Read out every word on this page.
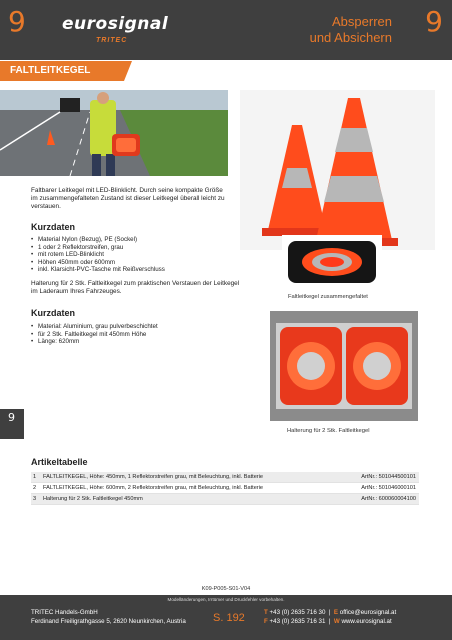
9 eurosignal
TRITEC
Absperren
und Absichern 9
FALTLEITKEGEL
Faltbarer Leitkegel mit LED-Blinklicht. Durch seine kompakte Größe im zusammengefalteten Zustand ist dieser Leitkegel überall leicht zu verstauen.
Kurzdaten
• Material Nylon (Bezug), PE (Sockel)
• 1 oder 2 Reflektorstreifen, grau
• mit rotem LED-Blinklicht
• Höhen 450mm oder 600mm
• inkl. Klarsicht-PVC-Tasche mit Reißverschluss
Halterung für 2 Stk. Faltleitkegel zum praktischen Verstauen der Leitkegel im Laderaum Ihres Fahrzeuges.
Kurzdaten
• Material: Aluminium, grau pulverbeschichtet
• für 2 Stk. Faltleitkegel mit 450mm Höhe
• Länge: 620mm
Faltleitkegel zusammengefaltet
Halterung für 2 Stk. Faltleitkegel
9
Artikeltabelle
1 FALTLEITKEGEL, Höhe: 450mm, 1 Reflektorstreifen grau, mit Beleuchtung, inkl. Batterie	ArtNr.: 501044500101
2 FALTLEITKEGEL, Höhe: 600mm, 2 Reflektorstreifen grau, mit Beleuchtung, inkl. Batterie	ArtNr.: 501046000101
3 Halterung für 2 Stk. Faltleitkegel 450mm	ArtNr.: 600060004100
K09-P005-S01-V04
Modelländerungen, Irrtümer und Druckfehler vorbehalten.
TRITEC Handels-GmbH
Ferdinand Freiligrathgasse 5, 2620 Neunkirchen, Austria S. 192	T +43 (0) 2635 716 30  |  E office@eurosignal.at
F +43 (0) 2635 716 31  |  W www.eurosignal.at
